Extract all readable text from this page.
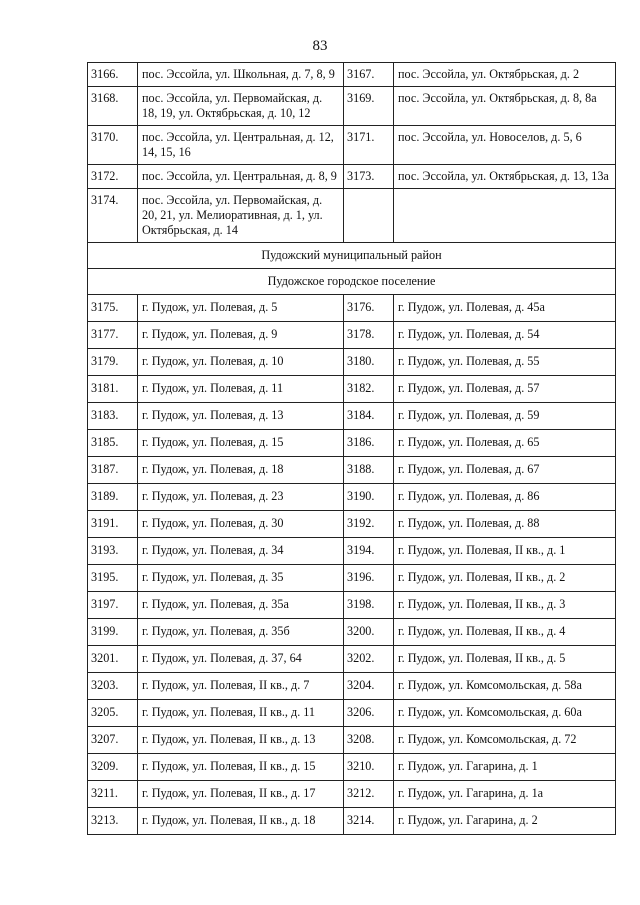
83
3166.	пос. Эссойла, ул. Школьная, д. 7, 8, 9	3167.	пос. Эссойла, ул. Октябрьская, д. 2
3168.	пос. Эссойла, ул. Первомайская, д. 18, 19, ул. Октябрьская, д. 10, 12	3169.	пос. Эссойла, ул. Октябрьская, д. 8, 8а
3170.	пос. Эссойла, ул. Центральная, д. 12, 14, 15, 16	3171.	пос. Эссойла, ул. Новоселов, д. 5, 6
3172.	пос. Эссойла, ул. Центральная, д. 8, 9	3173.	пос. Эссойла, ул. Октябрьская, д. 13, 13а
3174.	пос. Эссойла, ул. Первомайская, д. 20, 21, ул. Мелиоративная, д. 1, ул. Октябрьская, д. 14		
Пудожский муниципальный район			
Пудожское городское поселение			
3175.	г. Пудож, ул. Полевая, д. 5	3176.	г. Пудож, ул. Полевая, д. 45а
3177.	г. Пудож, ул. Полевая, д. 9	3178.	г. Пудож, ул. Полевая, д. 54
3179.	г. Пудож, ул. Полевая, д. 10	3180.	г. Пудож, ул. Полевая, д. 55
3181.	г. Пудож, ул. Полевая, д. 11	3182.	г. Пудож, ул. Полевая, д. 57
3183.	г. Пудож, ул. Полевая, д. 13	3184.	г. Пудож, ул. Полевая, д. 59
3185.	г. Пудож, ул. Полевая, д. 15	3186.	г. Пудож, ул. Полевая, д. 65
3187.	г. Пудож, ул. Полевая, д. 18	3188.	г. Пудож, ул. Полевая, д. 67
3189.	г. Пудож, ул. Полевая, д. 23	3190.	г. Пудож, ул. Полевая, д. 86
3191.	г. Пудож, ул. Полевая, д. 30	3192.	г. Пудож, ул. Полевая, д. 88
3193.	г. Пудож, ул. Полевая, д. 34	3194.	г. Пудож, ул. Полевая, II кв., д. 1
3195.	г. Пудож, ул. Полевая, д. 35	3196.	г. Пудож, ул. Полевая, II кв., д. 2
3197.	г. Пудож, ул. Полевая, д. 35а	3198.	г. Пудож, ул. Полевая, II кв., д. 3
3199.	г. Пудож, ул. Полевая, д. 35б	3200.	г. Пудож, ул. Полевая, II кв., д. 4
3201.	г. Пудож, ул. Полевая, д. 37, 64	3202.	г. Пудож, ул. Полевая, II кв., д. 5
3203.	г. Пудож, ул. Полевая, II кв., д. 7	3204.	г. Пудож, ул. Комсомольская, д. 58а
3205.	г. Пудож, ул. Полевая, II кв., д. 11	3206.	г. Пудож, ул. Комсомольская, д. 60а
3207.	г. Пудож, ул. Полевая, II кв., д. 13	3208.	г. Пудож, ул. Комсомольская, д. 72
3209.	г. Пудож, ул. Полевая, II кв., д. 15	3210.	г. Пудож, ул. Гагарина, д. 1
3211.	г. Пудож, ул. Полевая, II кв., д. 17	3212.	г. Пудож, ул. Гагарина, д. 1а
3213.	г. Пудож, ул. Полевая, II кв., д. 18	3214.	г. Пудож, ул. Гагарина, д. 2
